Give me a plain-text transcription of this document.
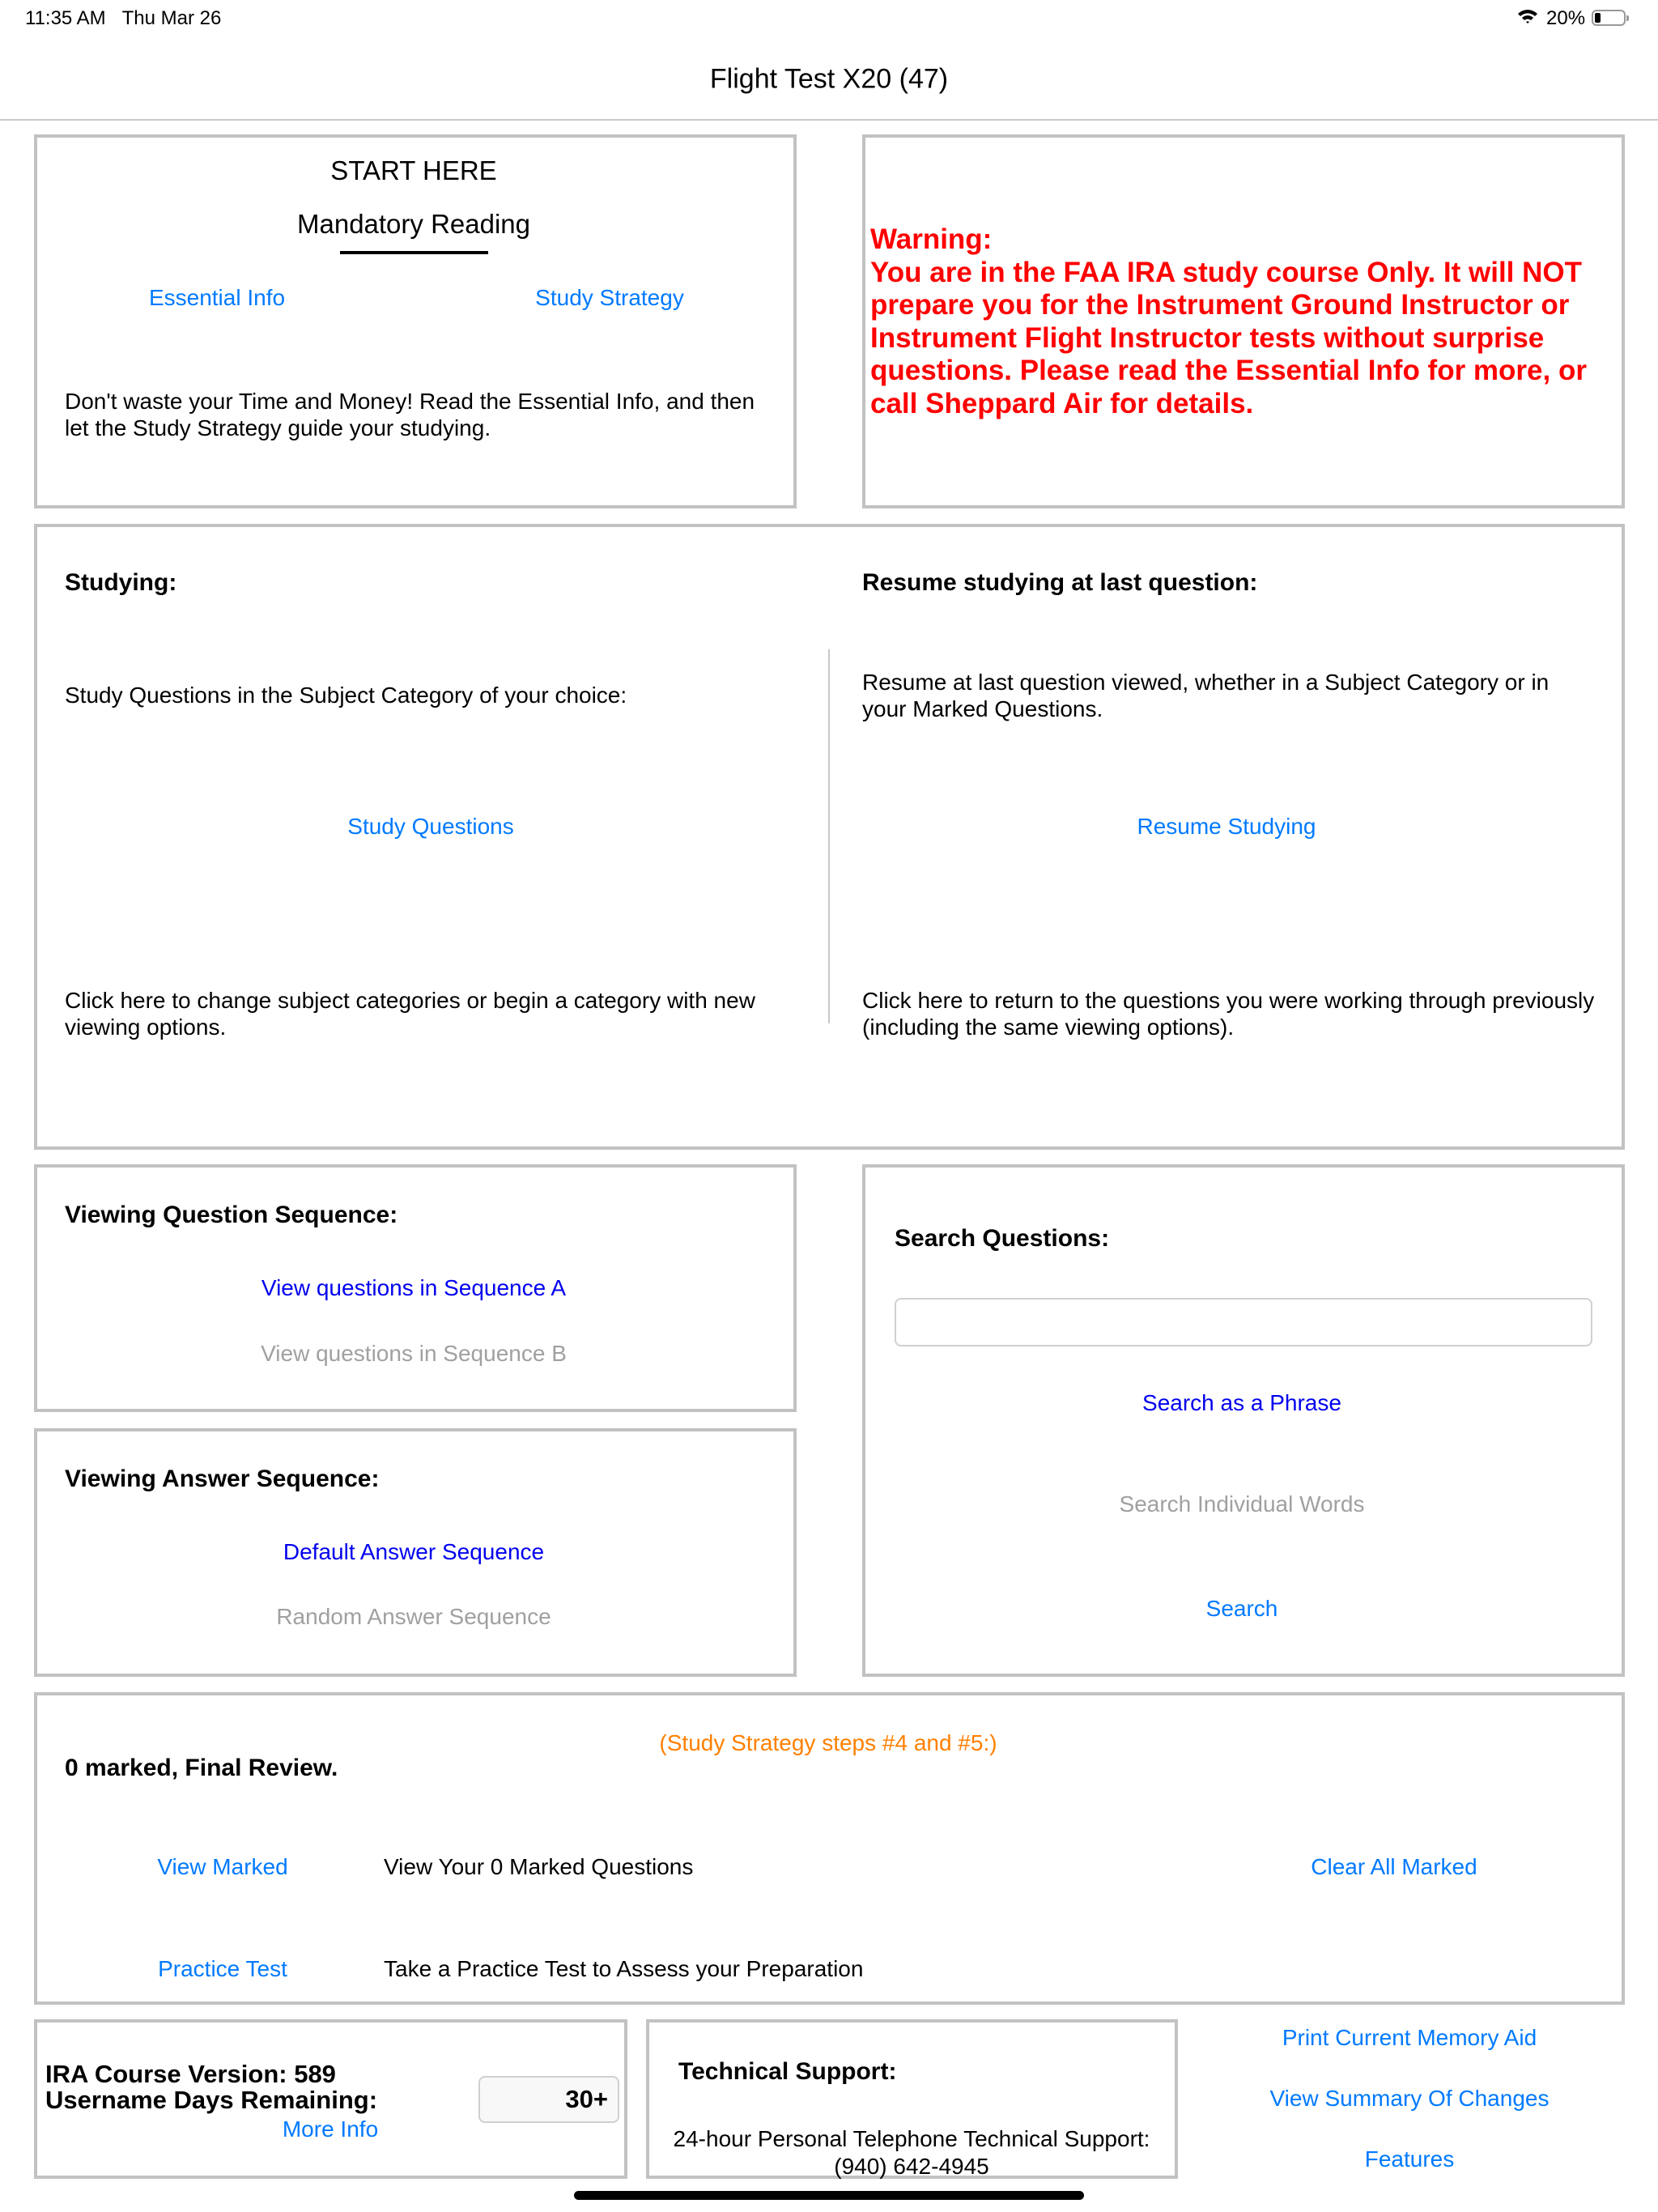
11:35 AM Thu Mar 26	20%
Flight Test X20 (47)
START HERE
Mandatory Reading
Essential Info	Study Strategy
Don't waste your Time and Money! Read the Essential Info, and then let the Study Strategy guide your studying.
Warning:
You are in the FAA IRA study course Only. It will NOT prepare you for the Instrument Ground Instructor or Instrument Flight Instructor tests without surprise questions. Please read the Essential Info for more, or call Sheppard Air for details.
Studying:
Study Questions in the Subject Category of your choice:
Study Questions
Click here to change subject categories or begin a category with new viewing options.
Resume studying at last question:
Resume at last question viewed, whether in a Subject Category or in your Marked Questions.
Resume Studying
Click here to return to the questions you were working through previously (including the same viewing options).
Viewing Question Sequence:
View questions in Sequence A
View questions in Sequence B
Viewing Answer Sequence:
Default Answer Sequence
Random Answer Sequence
Search Questions:
Search as a Phrase
Search Individual Words
Search
(Study Strategy steps #4 and #5:)
0 marked, Final Review.
View Marked	View Your 0 Marked Questions	Clear All Marked
Practice Test	Take a Practice Test to Assess your Preparation
IRA Course Version: 589
Username Days Remaining:	30+
More Info
Technical Support:
24-hour Personal Telephone Technical Support:
(940) 642-4945
Print Current Memory Aid
View Summary Of Changes
Features
